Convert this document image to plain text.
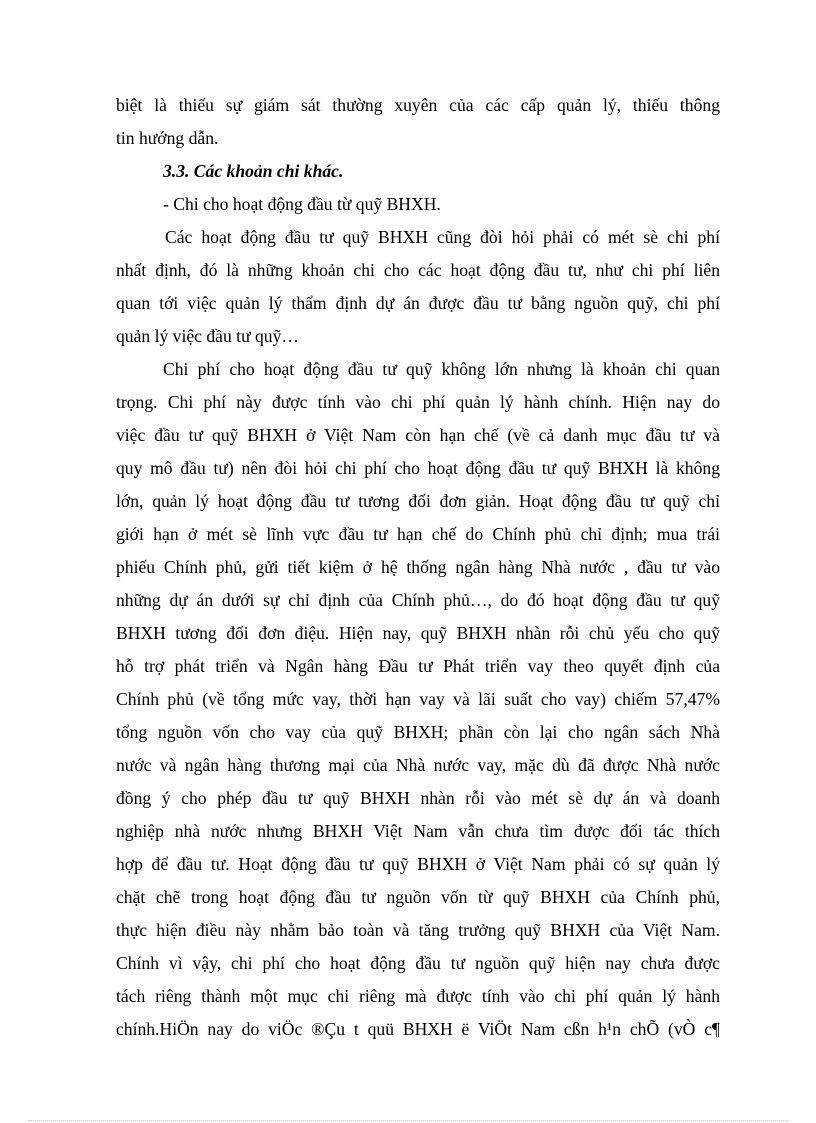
biệt là thiếu sự giám sát thường xuyên của các cấp quản lý, thiếu thông
tin hướng dẫn.
3.3. Các khoản chi khác.
- Chi cho hoạt động đầu từ quỹ BHXH.
Các hoạt động đầu tư quỹ BHXH cũng đòi hỏi phải có mét sè chi phí
nhất định, đó là những khoản chi cho các hoạt động đầu tư, như chi phí liên
quan tới việc quản lý thẩm định dự án được đầu tư bằng nguồn quỹ, chi phí
quản lý việc đầu tư quỹ…
Chi phí cho hoạt động đầu tư quỹ không lớn nhưng là khoản chi quan
trọng. Chi phí này được tính vào chi phí quản lý hành chính. Hiện nay do
việc đầu tư quỹ BHXH ở Việt Nam còn hạn chế (về cả danh mục đầu tư và
quy mô đầu tư) nên đòi hỏi chi phí cho hoạt động đầu tư quỹ BHXH là không
lớn, quản lý hoạt động đầu tư tương đối đơn giản. Hoạt động đầu tư quỹ chỉ
giới hạn ở mét sè lĩnh vực đầu tư hạn chế do Chính phủ chỉ định; mua trái
phiếu Chính phủ, gửi tiết kiệm ở hệ thống ngân hàng Nhà nước , đầu tư vào
những dự án dưới sự chỉ định của Chính phủ…, do đó hoạt động đầu tư quỹ
BHXH tương đối đơn điệu. Hiện nay, quỹ BHXH nhàn rỗi chủ yếu cho quỹ
hỗ trợ phát triển và Ngân hàng Đầu tư Phát triển vay theo quyết định của
Chính phủ (về tổng mức vay, thời hạn vay và lãi suất cho vay) chiếm 57,47%
tổng nguồn vốn cho vay của quỹ BHXH; phần còn lại cho ngân sách Nhà
nước và ngân hàng thương mại của Nhà nước vay, mặc dù đã được Nhà nước
đồng ý cho phép đầu tư quỹ BHXH nhàn rỗi vào mét sè dự án và doanh
nghiệp nhà nước nhưng BHXH Việt Nam vẫn chưa tìm được đối tác thích
hợp để đầu tư. Hoạt động đầu tư quỹ BHXH ở Việt Nam phải có sự quản lý
chặt chẽ trong hoạt động đầu tư nguồn vốn từ quỹ BHXH của Chính phủ,
thực hiện điều này nhằm bảo toàn và tăng trưởng quỹ BHXH của Việt Nam.
Chính vì vậy, chi phí cho hoạt động đầu tư nguồn quỹ hiện nay chưa được
tách riêng thành một mục chi riêng mà được tính vào chi phí quản lý hành
chính.HiÖn nay do viÖc ®Çu t quü BHXH ë ViÖt Nam cßn h¹n chÕ (vÒ c¶
